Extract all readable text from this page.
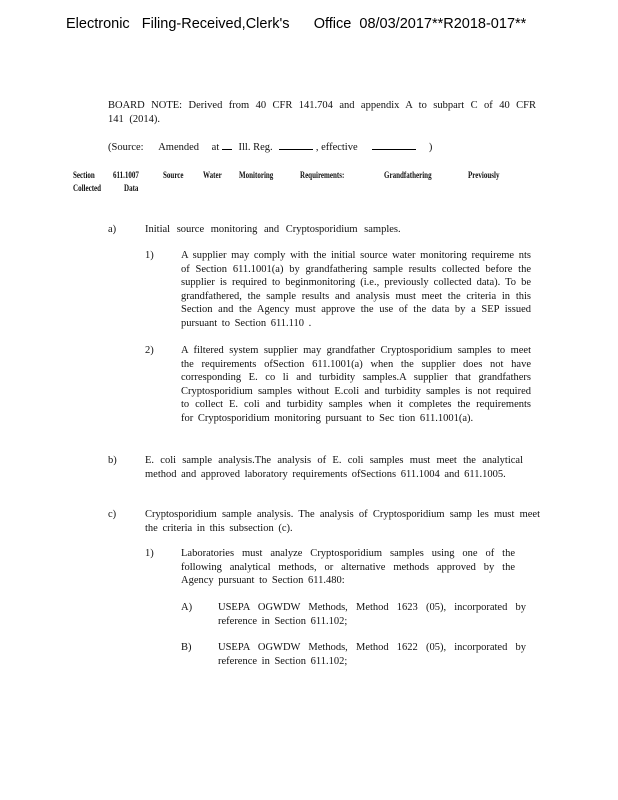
Electronic   Filing-Received,Clerk's      Office  08/03/2017**R2018-017**
BOARD NOTE: Derived from 40 CFR 141.704 and appendix A to subpart C of 40 CFR 141 (2014).
(Source: Amended at Ill. Reg.	, effective	)
Section 611.1007	Source Water Monitoring	Requirements:	Grandfathering	Previously
Collected	Data
a)	Initial source monitoring and Cryptosporidium samples.
1)	A supplier may comply with the initial source water monitoring requireme nts of Section 611.1001(a) by grandfathering sample results collected before the supplier is required to beginmonitoring (i.e., previously collected data). To be grandfathered, the sample results and analysis must meet the criteria in this Section and the Agency must approve the use of the data by a SEP issued pursuant to Section 611.110 .
2)	A filtered system supplier may grandfather Cryptosporidium samples to meet the requirements ofSection 611.1001(a) when the supplier does not have corresponding E. co li and turbidity samples.A supplier that grandfathers Cryptosporidium samples without E.coli and turbidity samples is not required to collect E. coli and turbidity samples when it completes the requirements for Cryptosporidium monitoring pursuant to Sec tion 611.1001(a).
b)	E. coli sample analysis.The analysis of E. coli samples must meet the analytical method and approved laboratory requirements ofSections 611.1004 and 611.1005.
c)	Cryptosporidium sample analysis. The analysis of Cryptosporidium samp les must meet the criteria in this subsection (c).
1)	Laboratories must analyze Cryptosporidium samples using one of the following analytical methods, or alternative methods approved by the Agency pursuant to Section 611.480:
A) USEPA OGWDW Methods, Method 1623 (05), incorporated by reference in Section 611.102;
B)	USEPA OGWDW Methods, Method 1622 (05), incorporated by reference in Section 611.102;
